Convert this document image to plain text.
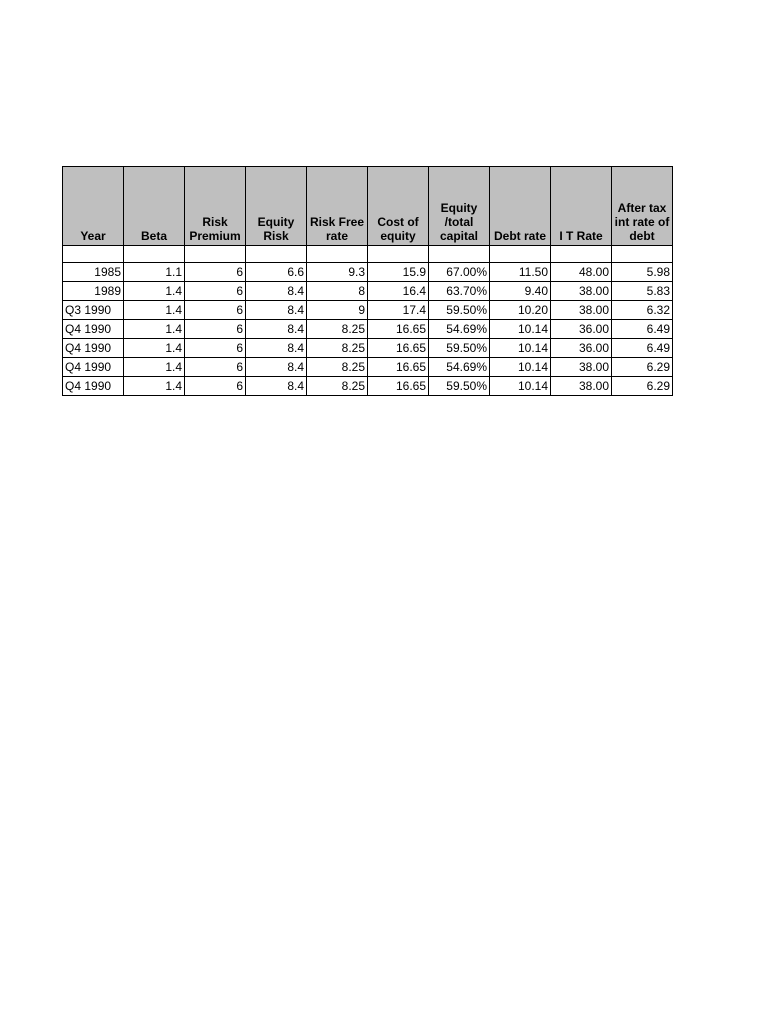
Year	Beta	Risk Premium	Equity Risk	Risk Free rate	Cost of equity	Equity /total capital	Debt rate	I T Rate	After tax int rate of debt

1985	1.1	6	6.6	9.3	15.9	67.00%	11.50	48.00	5.98
1989	1.4	6	8.4	8	16.4	63.70%	9.40	38.00	5.83
Q3 1990	1.4	6	8.4	9	17.4	59.50%	10.20	38.00	6.32
Q4 1990	1.4	6	8.4	8.25	16.65	54.69%	10.14	36.00	6.49
Q4 1990	1.4	6	8.4	8.25	16.65	59.50%	10.14	36.00	6.49
Q4 1990	1.4	6	8.4	8.25	16.65	54.69%	10.14	38.00	6.29
Q4 1990	1.4	6	8.4	8.25	16.65	59.50%	10.14	38.00	6.29
